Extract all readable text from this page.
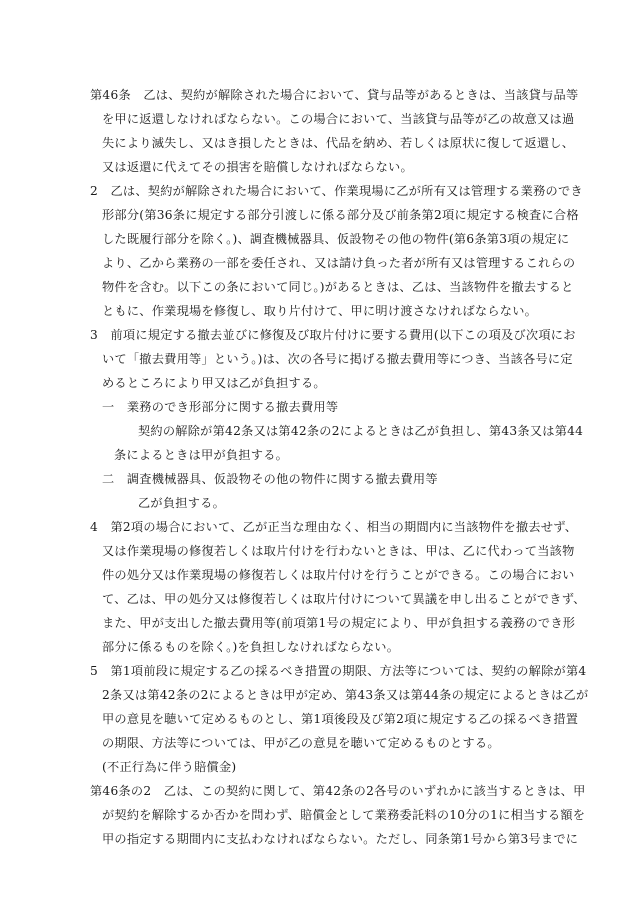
第46条　乙は、契約が解除された場合において、貸与品等があるときは、当該貸与品等

を甲に返還しなければならない。この場合において、当該貸与品等が乙の故意又は過

失により滅失し、又はき損したときは、代品を納め、若しくは原状に復して返還し、

又は返還に代えてその損害を賠償しなければならない。

2　乙は、契約が解除された場合において、作業現場に乙が所有又は管理する業務のでき

形部分(第36条に規定する部分引渡しに係る部分及び前条第2項に規定する検査に合格

した既履行部分を除く。)、調査機械器具、仮設物その他の物件(第6条第3項の規定に

より、乙から業務の一部を委任され、又は請け負った者が所有又は管理するこれらの

物件を含む。以下この条において同じ。)があるときは、乙は、当該物件を撤去すると

ともに、作業現場を修復し、取り片付けて、甲に明け渡さなければならない。

3　前項に規定する撤去並びに修復及び取片付けに要する費用(以下この項及び次項にお

いて「撤去費用等」という。)は、次の各号に掲げる撤去費用等につき、当該各号に定

めるところにより甲又は乙が負担する。

一　業務のでき形部分に関する撤去費用等

契約の解除が第42条又は第42条の2によるときは乙が負担し、第43条又は第44

条によるときは甲が負担する。

二　調査機械器具、仮設物その他の物件に関する撤去費用等

乙が負担する。

4　第2項の場合において、乙が正当な理由なく、相当の期間内に当該物件を撤去せず、

又は作業現場の修復若しくは取片付けを行わないときは、甲は、乙に代わって当該物

件の処分又は作業現場の修復若しくは取片付けを行うことができる。この場合におい

て、乙は、甲の処分又は修復若しくは取片付けについて異議を申し出ることができず、

また、甲が支出した撤去費用等(前項第1号の規定により、甲が負担する義務のでき形

部分に係るものを除く。)を負担しなければならない。

5　第1項前段に規定する乙の採るべき措置の期限、方法等については、契約の解除が第4

2条又は第42条の2によるときは甲が定め、第43条又は第44条の規定によるときは乙が

甲の意見を聴いて定めるものとし、第1項後段及び第2項に規定する乙の採るべき措置

の期限、方法等については、甲が乙の意見を聴いて定めるものとする。

(不正行為に伴う賠償金)

第46条の2　乙は、この契約に関して、第42条の2各号のいずれかに該当するときは、甲

が契約を解除するか否かを問わず、賠償金として業務委託料の10分の1に相当する額を

甲の指定する期間内に支払わなければならない。ただし、同条第1号から第3号までに
